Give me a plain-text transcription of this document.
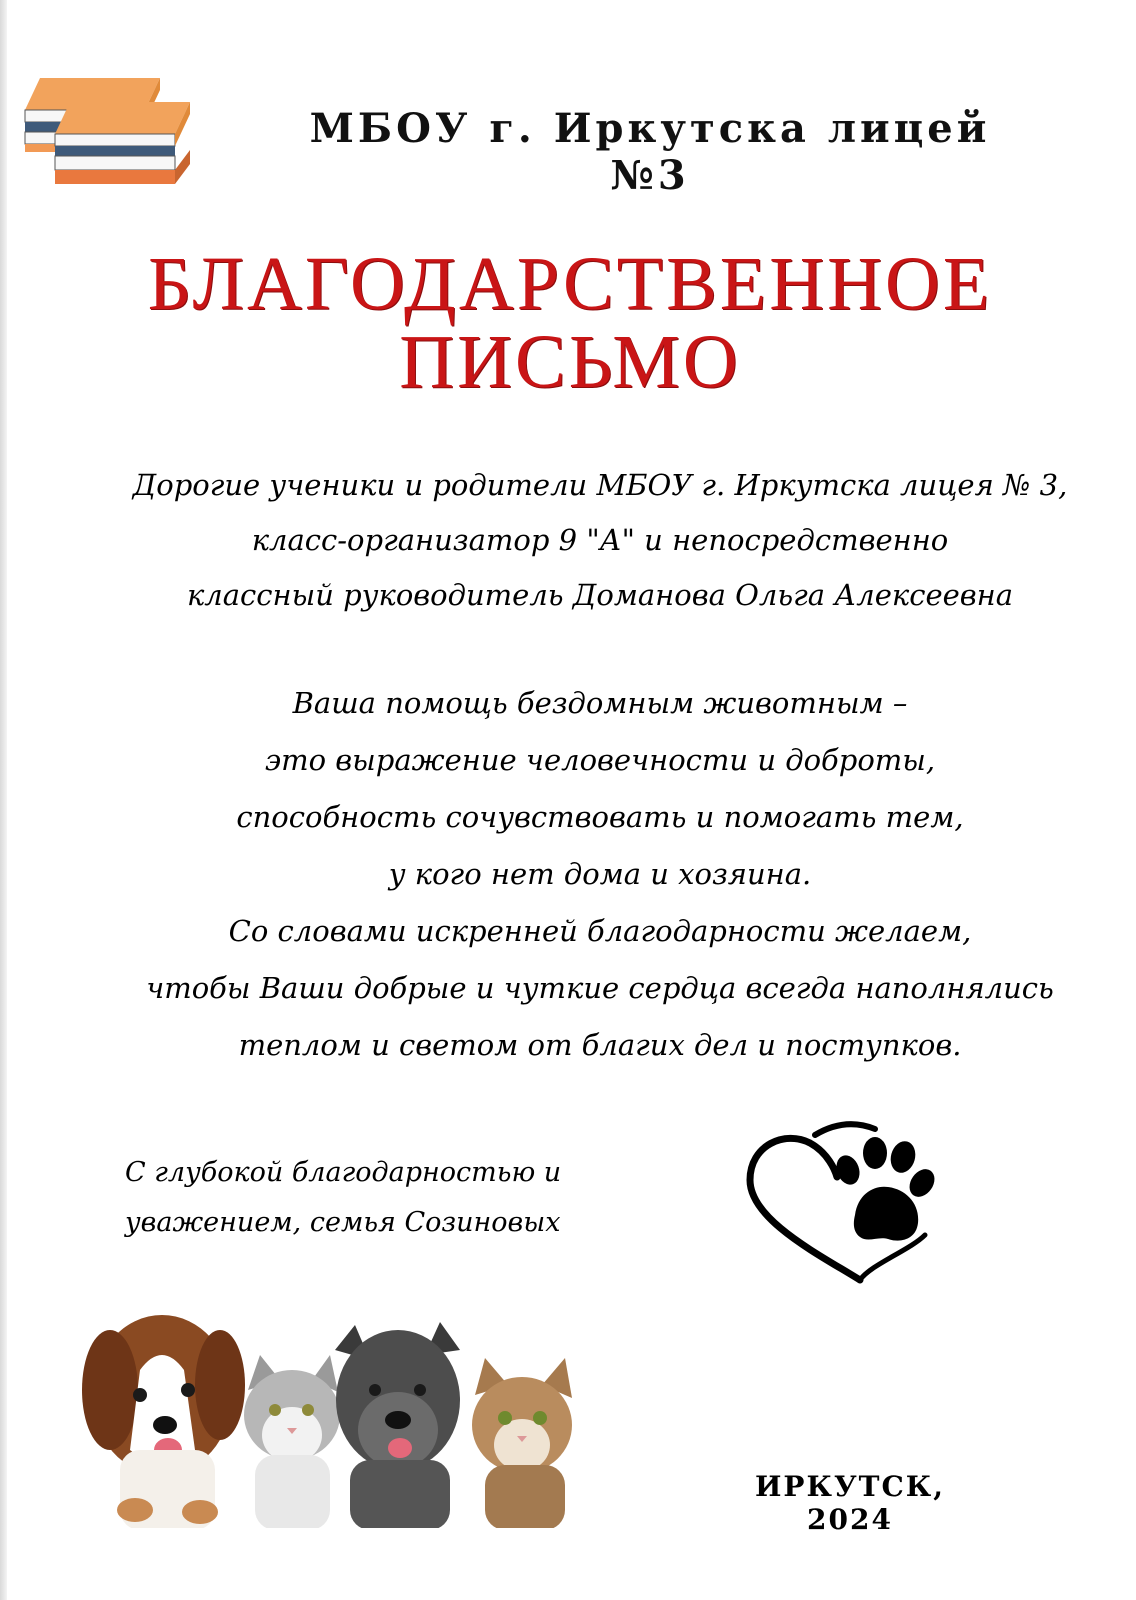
МБОУ г. Иркутска лицей №3
БЛАГОДАРСТВЕННОЕ
ПИСЬМО
Дорогие ученики и родители МБОУ г. Иркутска лицея № 3,
класс-организатор 9 "А" и непосредственно
классный руководитель Доманова Ольга Алексеевна
Ваша помощь бездомным животным –
это выражение человечности и доброты,
способность сочувствовать и помогать тем,
у кого нет дома и хозяина.
Со словами искренней благодарности желаем,
чтобы Ваши добрые и чуткие сердца всегда наполнялись
теплом и светом от благих дел и поступков.
С глубокой благодарностью и
уважением, семья Созиновых
ИРКУТСК, 2024
